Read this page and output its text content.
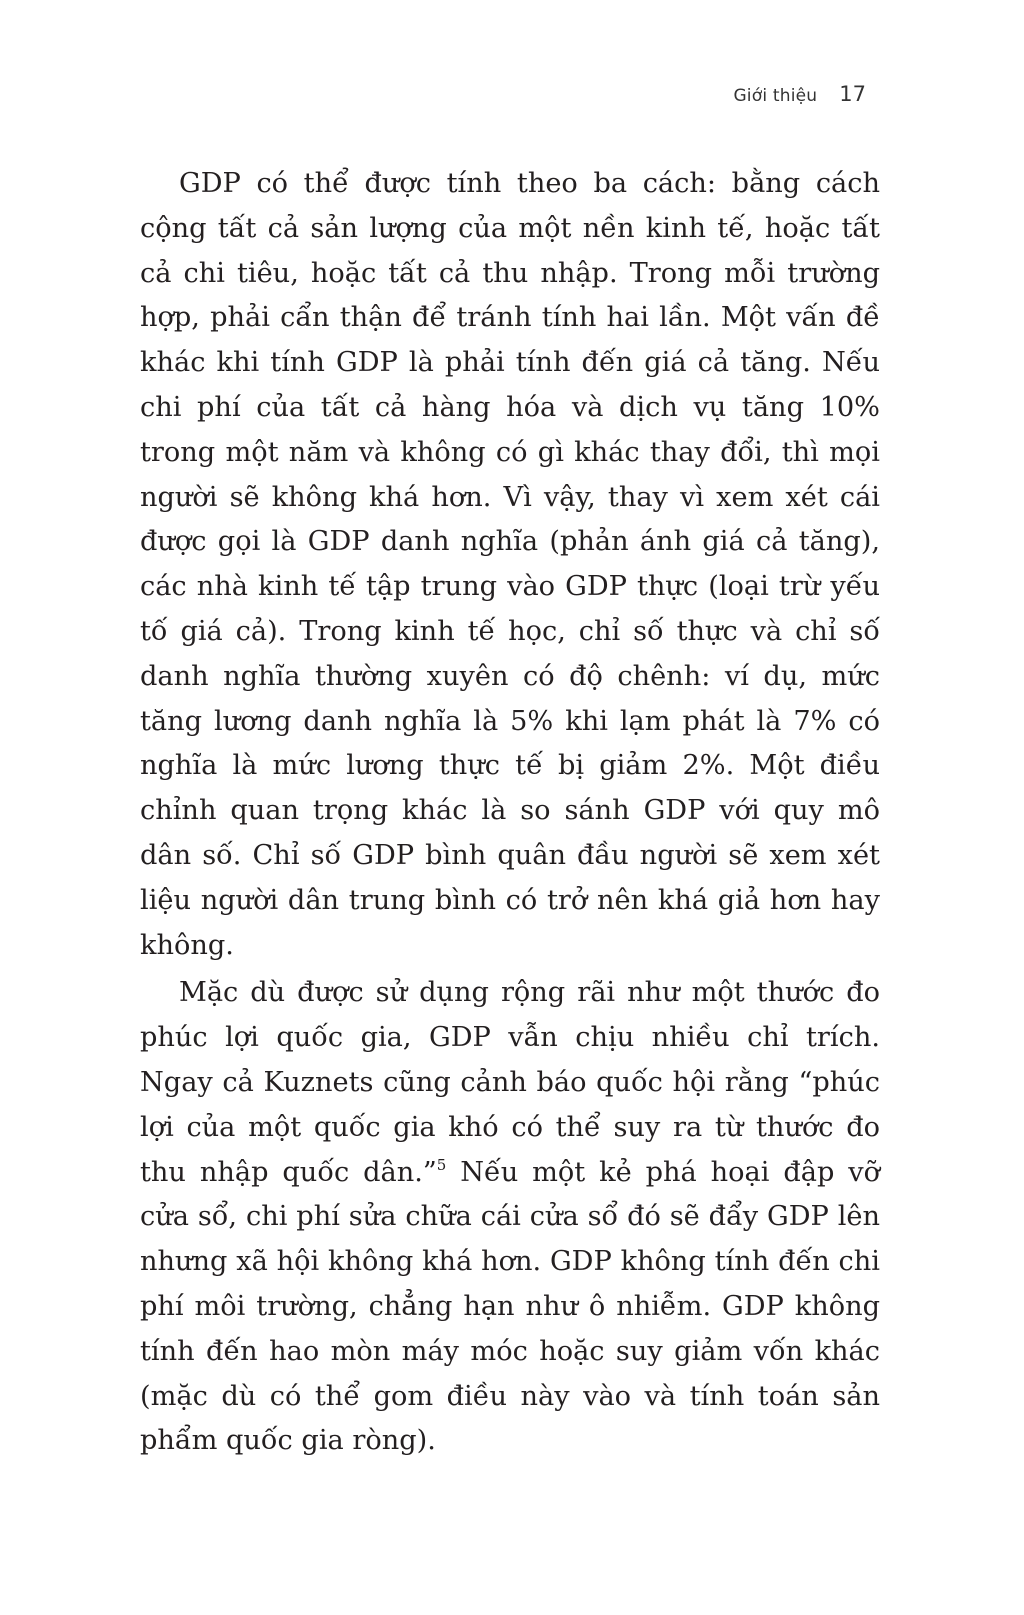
Giới thiệu 17

GDP có thể được tính theo ba cách: bằng cách cộng tất cả sản lượng của một nền kinh tế, hoặc tất cả chi tiêu, hoặc tất cả thu nhập. Trong mỗi trường hợp, phải cẩn thận để tránh tính hai lần. Một vấn đề khác khi tính GDP là phải tính đến giá cả tăng. Nếu chi phí của tất cả hàng hóa và dịch vụ tăng 10% trong một năm và không có gì khác thay đổi, thì mọi người sẽ không khá hơn. Vì vậy, thay vì xem xét cái được gọi là GDP danh nghĩa (phản ánh giá cả tăng), các nhà kinh tế tập trung vào GDP thực (loại trừ yếu tố giá cả). Trong kinh tế học, chỉ số thực và chỉ số danh nghĩa thường xuyên có độ chênh: ví dụ, mức tăng lương danh nghĩa là 5% khi lạm phát là 7% có nghĩa là mức lương thực tế bị giảm 2%. Một điều chỉnh quan trọng khác là so sánh GDP với quy mô dân số. Chỉ số GDP bình quân đầu người sẽ xem xét liệu người dân trung bình có trở nên khá giả hơn hay không.

Mặc dù được sử dụng rộng rãi như một thước đo phúc lợi quốc gia, GDP vẫn chịu nhiều chỉ trích. Ngay cả Kuznets cũng cảnh báo quốc hội rằng “phúc lợi của một quốc gia khó có thể suy ra từ thước đo thu nhập quốc dân.”$^5$ Nếu một kẻ phá hoại đập vỡ cửa sổ, chi phí sửa chữa cái cửa sổ đó sẽ đẩy GDP lên nhưng xã hội không khá hơn. GDP không tính đến chi phí môi trường, chẳng hạn như ô nhiễm. GDP không tính đến hao mòn máy móc hoặc suy giảm vốn khác (mặc dù có thể gom điều này vào và tính toán sản phẩm quốc gia ròng).
